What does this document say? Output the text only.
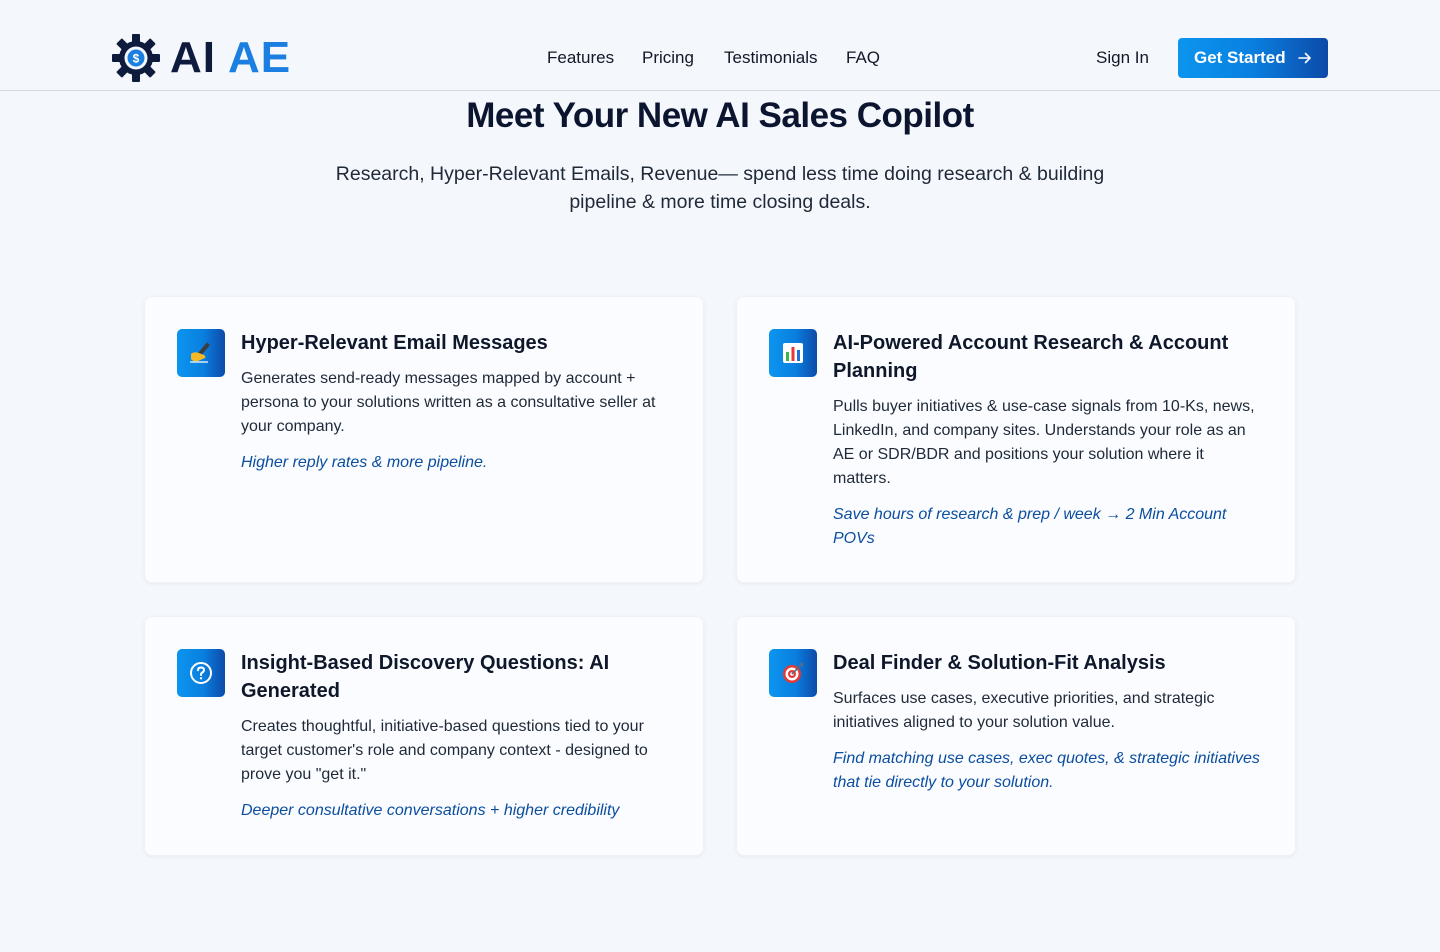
$ AI AE	Features Pricing Testimonials FAQ	Sign In	Get Started
Meet Your New AI Sales Copilot

Research, Hyper-Relevant Emails, Revenue— spend less time doing research & building pipeline & more time closing deals.

Hyper-Relevant Email Messages
Generates send-ready messages mapped by account + persona to your solutions written as a consultative seller at your company.
Higher reply rates & more pipeline.
AI-Powered Account Research & Account Planning
Pulls buyer initiatives & use-case signals from 10-Ks, news, LinkedIn, and company sites. Understands your role as an AE or SDR/BDR and positions your solution where it matters.
Save hours of research & prep / week → 2 Min Account POVs
Insight-Based Discovery Questions: AI Generated
Creates thoughtful, initiative-based questions tied to your target customer's role and company context - designed to prove you "get it."
Deeper consultative conversations + higher credibility
Deal Finder & Solution-Fit Analysis
Surfaces use cases, executive priorities, and strategic initiatives aligned to your solution value.
Find matching use cases, exec quotes, & strategic initiatives that tie directly to your solution.
